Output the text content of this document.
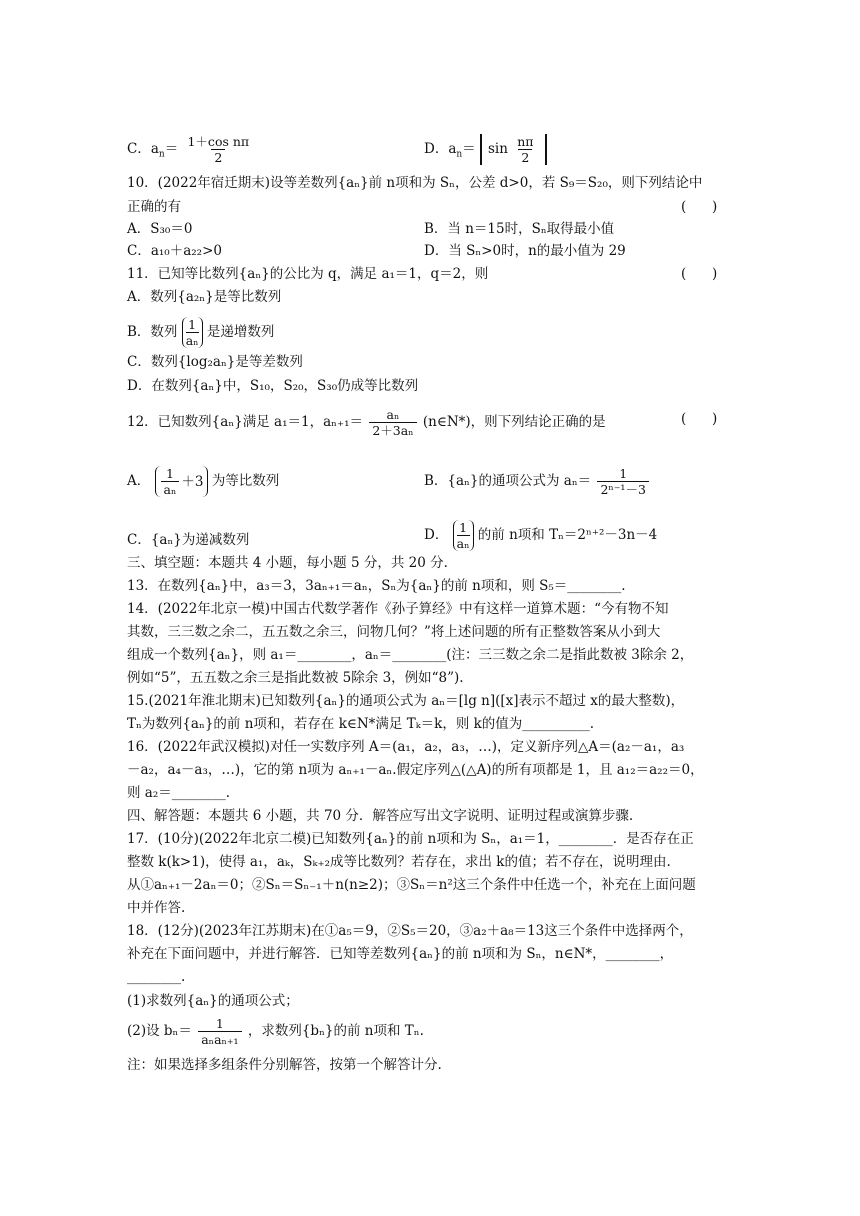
C．$a_n= \frac{\text{1＋cos nπ}}{2}$	D．$a_n= \sin \frac{n\pi}{2}$
10．(2022年宿迁期末)设等差数列{aₙ}前 n项和为 Sₙ，公差 d>0，若 S₉＝S₂₀，则下列结论中
正确的有	(      )
A．S₃₀＝0	B．当 n＝15时，Sₙ取得最小值
C．a₁₀＋a₂₂>0	D．当 Sₙ>0时，n的最小值为 29
11．已知等比数列{aₙ}的公比为 q，满足 a₁＝1，q＝2，则	(      )
A．数列{a₂ₙ}是等比数列
B．数列 $\frac{1}{\text{aₙ}}$ 是递增数列
C．数列{log₂aₙ}是等差数列
D．在数列{aₙ}中，S₁₀，S₂₀，S₃₀仍成等比数列
12．已知数列{aₙ}满足 a₁＝1，$a_{n+1}= \frac{\text{aₙ}}{\text{2＋3aₙ}}$ (n∈N*)，则下列结论正确的是	(      )
A． $\frac{1}{\text{aₙ}} +3$ 为等比数列	B．{aₙ}的通项公式为 $a_n= \frac{1}{\text{2ⁿ⁻¹－3}}$
C．{aₙ}为递减数列	D． $\frac{1}{\text{aₙ}}$ 的前 n项和 Tₙ＝2ⁿ⁺²－3n－4
三、填空题：本题共 4 小题，每小题 5 分，共 20 分.
13．在数列{aₙ}中，a₃＝3，3aₙ₊₁＝aₙ，Sₙ为{aₙ}的前 n项和，则 S₅＝________.
14．(2022年北京一模)中国古代数学著作《孙子算经》中有这样一道算术题：“今有物不知
其数，三三数之余二，五五数之余三，问物几何？”将上述问题的所有正整数答案从小到大
组成一个数列{aₙ}，则 a₁＝________，aₙ＝________(注：三三数之余二是指此数被 3除余 2，
例如“5”，五五数之余三是指此数被 5除余 3，例如“8”).
15.(2021年淮北期末)已知数列{aₙ}的通项公式为 aₙ＝[lg n]([x]表示不超过 x的最大整数)，
Tₙ为数列{aₙ}的前 n项和，若存在 k∈N*满足 Tₖ＝k，则 k的值为__________.
16．(2022年武汉模拟)对任一实数序列 A＝(a₁，a₂，a₃，…)，定义新序列△A＝(a₂－a₁，a₃
－a₂，a₄－a₃，…)，它的第 n项为 aₙ₊₁－aₙ.假定序列△(△A)的所有项都是 1，且 a₁₂＝a₂₂＝0，
则 a₂＝________.
四、解答题：本题共 6 小题，共 70 分．解答应写出文字说明、证明过程或演算步骤.
17．(10分)(2022年北京二模)已知数列{aₙ}的前 n项和为 Sₙ，a₁＝1，________．是否存在正
整数 k(k>1)，使得 a₁，aₖ，Sₖ₊₂成等比数列？若存在，求出 k的值；若不存在，说明理由.
从①aₙ₊₁－2aₙ＝0；②Sₙ＝Sₙ₋₁＋n(n≥2)；③Sₙ＝n²这三个条件中任选一个，补充在上面问题
中并作答.
18．(12分)(2023年江苏期末)在①a₅＝9，②S₅＝20，③a₂＋a₈＝13这三个条件中选择两个，
补充在下面问题中，并进行解答．已知等差数列{aₙ}的前 n项和为 Sₙ，n∈N*，________，
________.
(1)求数列{aₙ}的通项公式；
(2)设 $b_n= \frac{1}{\text{aₙaₙ₊₁}}$ ，求数列{bₙ}的前 n项和 Tₙ.
注：如果选择多组条件分别解答，按第一个解答计分.
